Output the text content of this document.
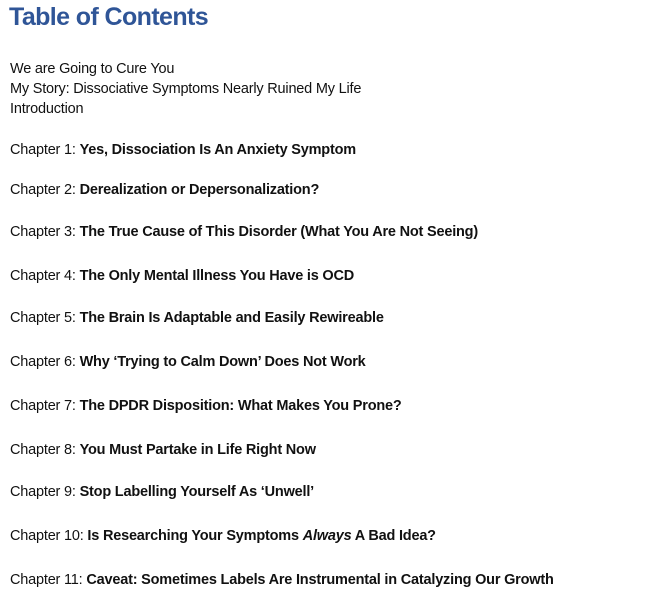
Table of Contents
We are Going to Cure You
My Story: Dissociative Symptoms Nearly Ruined My Life
Introduction
Chapter 1: Yes, Dissociation Is An Anxiety Symptom
Chapter 2: Derealization or Depersonalization?
Chapter 3: The True Cause of This Disorder (What You Are Not Seeing)
Chapter 4: The Only Mental Illness You Have is OCD
Chapter 5: The Brain Is Adaptable and Easily Rewireable
Chapter 6: Why ‘Trying to Calm Down’ Does Not Work
Chapter 7: The DPDR Disposition: What Makes You Prone?
Chapter 8: You Must Partake in Life Right Now
Chapter 9: Stop Labelling Yourself As ‘Unwell’
Chapter 10: Is Researching Your Symptoms Always A Bad Idea?
Chapter 11: Caveat: Sometimes Labels Are Instrumental in Catalyzing Our Growth
